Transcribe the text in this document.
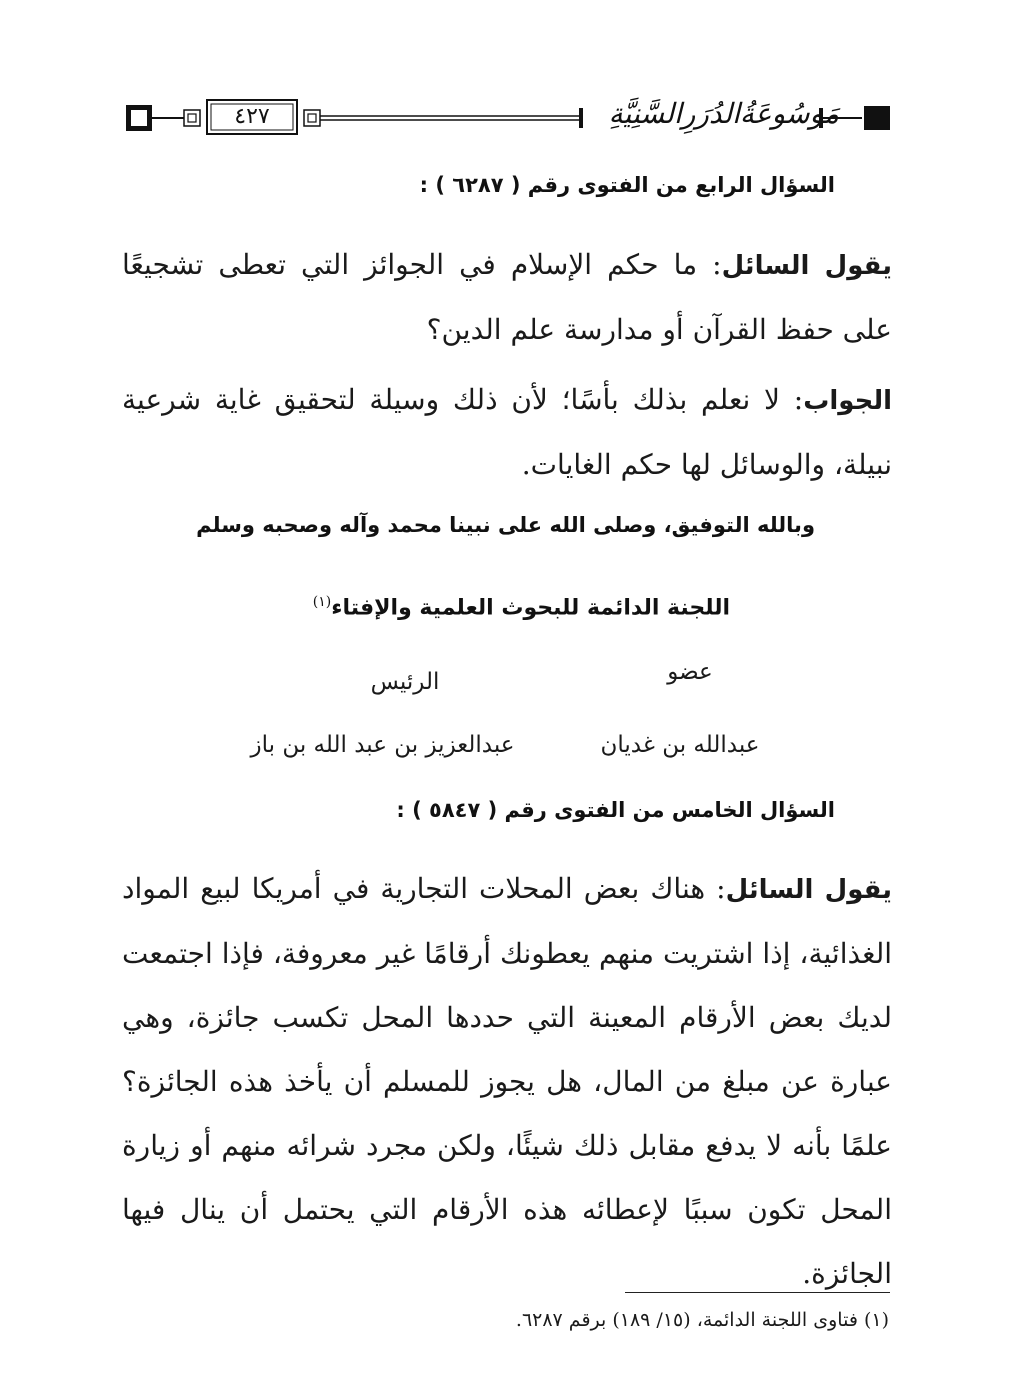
٤٢٧	مَوسُوعَةُالدُرَرِالسَّنِيَّةِ
السؤال الرابع من الفتوى رقم ( ٦٢٨٧ ) :
يقول السائل: ما حكم الإسلام في الجوائز التي تعطى تشجيعًا على حفظ القرآن أو مدارسة علم الدين؟
الجواب: لا نعلم بذلك بأسًا؛ لأن ذلك وسيلة لتحقيق غاية شرعية نبيلة، والوسائل لها حكم الغايات.
وبالله التوفيق، وصلى الله على نبينا محمد وآله وصحبه وسلم
اللجنة الدائمة للبحوث العلمية والإفتاء$^{(١)}$
عضو
الرئيس
عبدالله بن غديان
عبدالعزيز بن عبد الله بن باز
السؤال الخامس من الفتوى رقم ( ٥٨٤٧ ) :
يقول السائل: هناك بعض المحلات التجارية في أمريكا لبيع المواد الغذائية، إذا اشتريت منهم يعطونك أرقامًا غير معروفة، فإذا اجتمعت لديك بعض الأرقام المعينة التي حددها المحل تكسب جائزة، وهي عبارة عن مبلغ من المال، هل يجوز للمسلم أن يأخذ هذه الجائزة؟ علمًا بأنه لا يدفع مقابل ذلك شيئًا، ولكن مجرد شرائه منهم أو زيارة المحل تكون سببًا لإعطائه هذه الأرقام التي يحتمل أن ينال فيها الجائزة.
(١) فتاوى اللجنة الدائمة، (١٥/ ١٨٩) برقم ٦٢٨٧.
